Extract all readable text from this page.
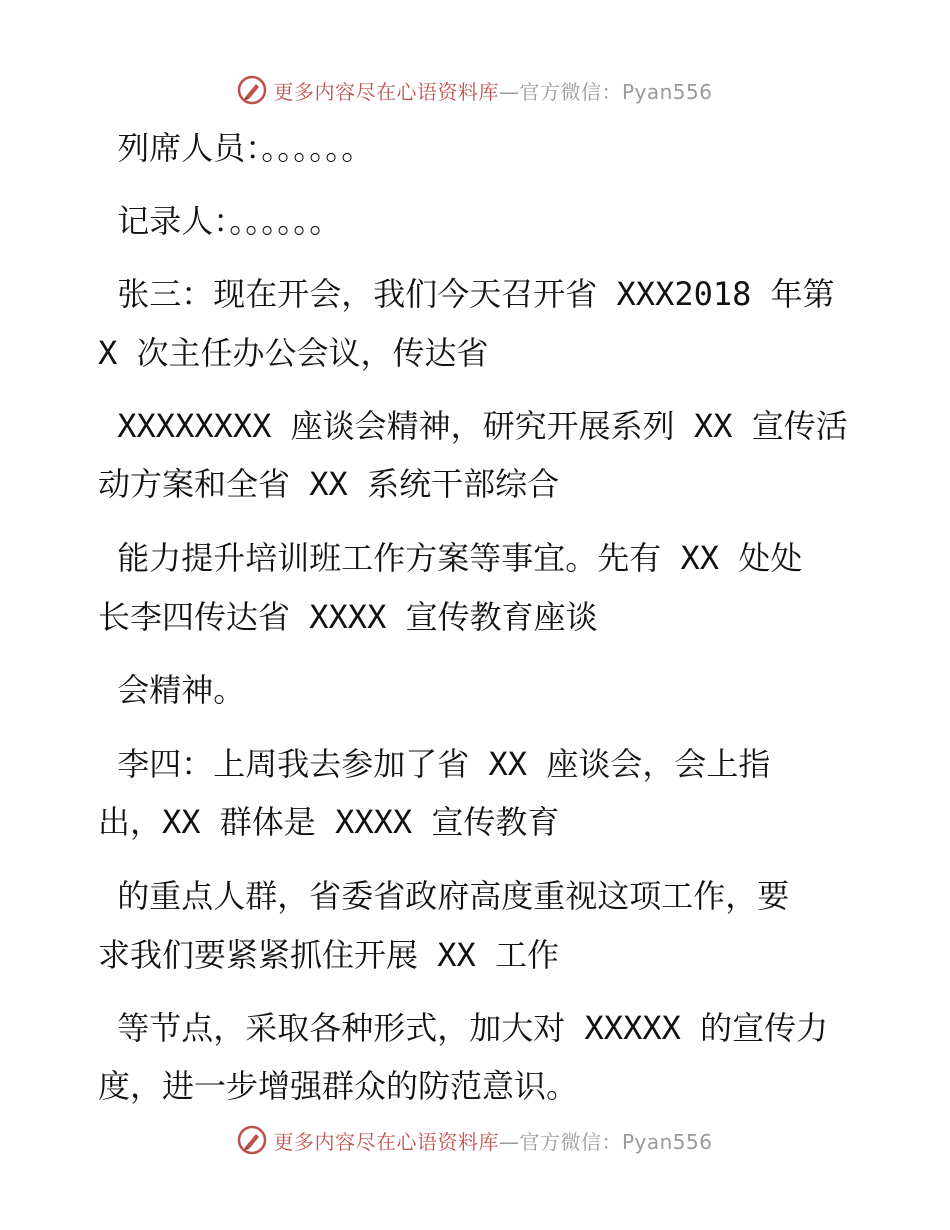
更多内容尽在心语资料库—官方微信：Pyan556
列席人员：。。。。。。
记录人：。。。。。。
张三：现在开会，我们今天召开省 XXX2018 年第
X 次主任办公会议，传达省
XXXXXXXX 座谈会精神，研究开展系列 XX 宣传活
动方案和全省 XX 系统干部综合
能力提升培训班工作方案等事宜。先有 XX 处处
长李四传达省 XXXX 宣传教育座谈
会精神。
李四：上周我去参加了省 XX 座谈会，会上指
出，XX 群体是 XXXX 宣传教育
的重点人群，省委省政府高度重视这项工作，要
求我们要紧紧抓住开展 XX 工作
等节点，采取各种形式，加大对 XXXXX 的宣传力
度，进一步增强群众的防范意识。
更多内容尽在心语资料库—官方微信：Pyan556
